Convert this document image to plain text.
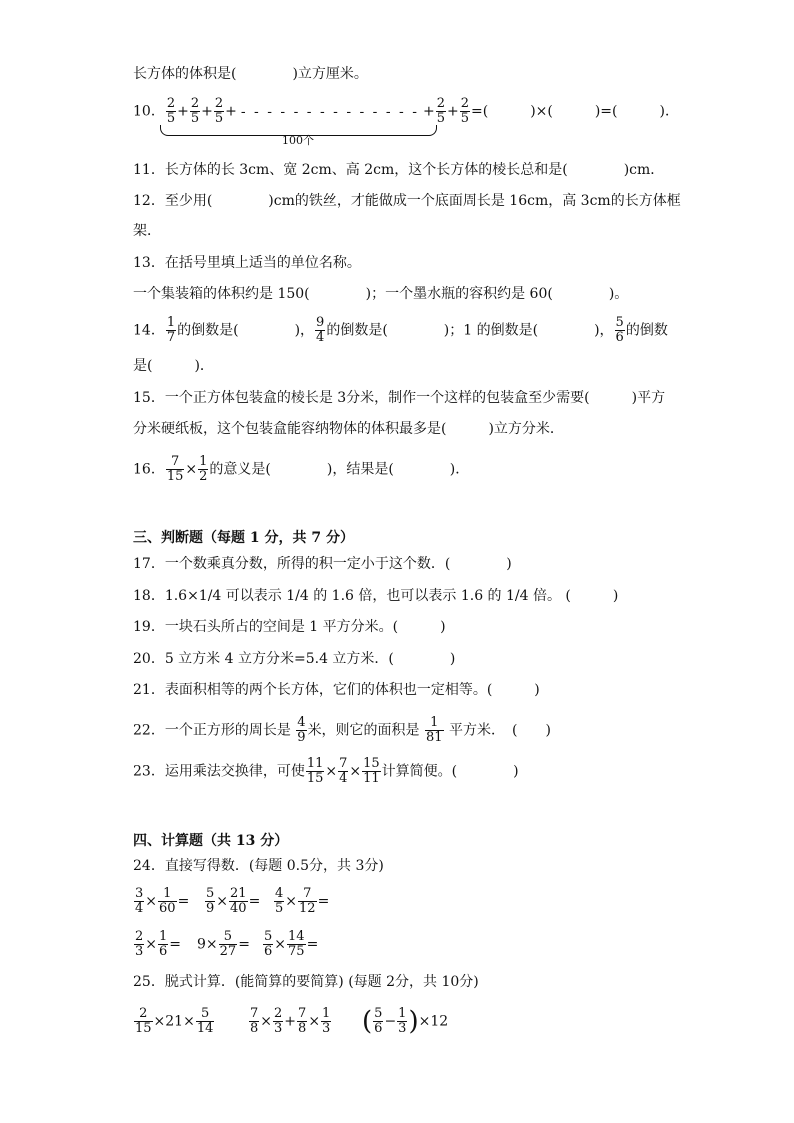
长方体的体积是(　　　　)立方厘米。
10． $\frac{2}{5} + \frac{2}{5} + \frac{2}{5}$ + - - - - - - - - - - - - - - + $\frac{2}{5} + \frac{2}{5}$ =(　　　)×(　　　)=(　　　)．
100个
11．长方体的长 3cm、宽 2cm、高 2cm，这个长方体的棱长总和是(　　　　)cm．
12．至少用(　　　　)cm的铁丝，才能做成一个底面周长是 16cm，高 3cm的长方体框
架．
13．在括号里填上适当的单位名称。
一个集装箱的体积约是 150(　　　　)；一个墨水瓶的容积约是 60(　　　　)。
14． $\frac{1}{7}$ 的倒数是(　　　　)， $\frac{9}{4}$ 的倒数是(　　　　)；1 的倒数是(　　　　)， $\frac{5}{6}$ 的倒数
是(　　　)．
15．一个正方体包装盒的棱长是 3分米，制作一个这样的包装盒至少需要(　　　)平方
分米硬纸板，这个包装盒能容纳物体的体积最多是(　　　)立方分米．
16． $\frac{7}{15} \times \frac{1}{2}$ 的意义是(　　　　)，结果是(　　　　)．
三、判断题（每题 1 分，共 7 分）
17．一个数乘真分数，所得的积一定小于这个数．(　　　　)
18．1.6×1/4 可以表示 1/4 的 1.6 倍，也可以表示 1.6 的 1/4 倍。 (　　　)
19．一块石头所占的空间是 1 平方分米。(　　　)
20．5 立方米 4 立方分米=5.4 立方米．(　　　　)
21．表面积相等的两个长方体，它们的体积也一定相等。(　　　)
22．一个正方形的周长是 $\frac{4}{9}$ 米，则它的面积是 $\frac{1}{81}$ 平方米．　(　　)
23．运用乘法交换律，可使 $\frac{11}{15} \times \frac{7}{4} \times \frac{15}{11}$ 计算简便。(　　　　)
四、计算题（共 13 分）
24．直接写得数．(每题 0.5分，共 3分)
$\frac{3}{4} \times \frac{1}{60} = \frac{5}{9} \times \frac{21}{40} = \frac{4}{5} \times \frac{7}{12}$ =
$\frac{2}{3} \times \frac{1}{6} = 9\times \frac{5}{27} = \frac{5}{6} \times \frac{14}{75}$ =
25．脱式计算．(能简算的要简算) (每题 2分，共 10分)
$\frac{2}{15} \times 21\times \frac{5}{14}$	$\frac{7}{8} \times \frac{2}{3} + \frac{7}{8} \times \frac{1}{3}$ ( $\frac{5}{6} - \frac{1}{3} )\times 12$
